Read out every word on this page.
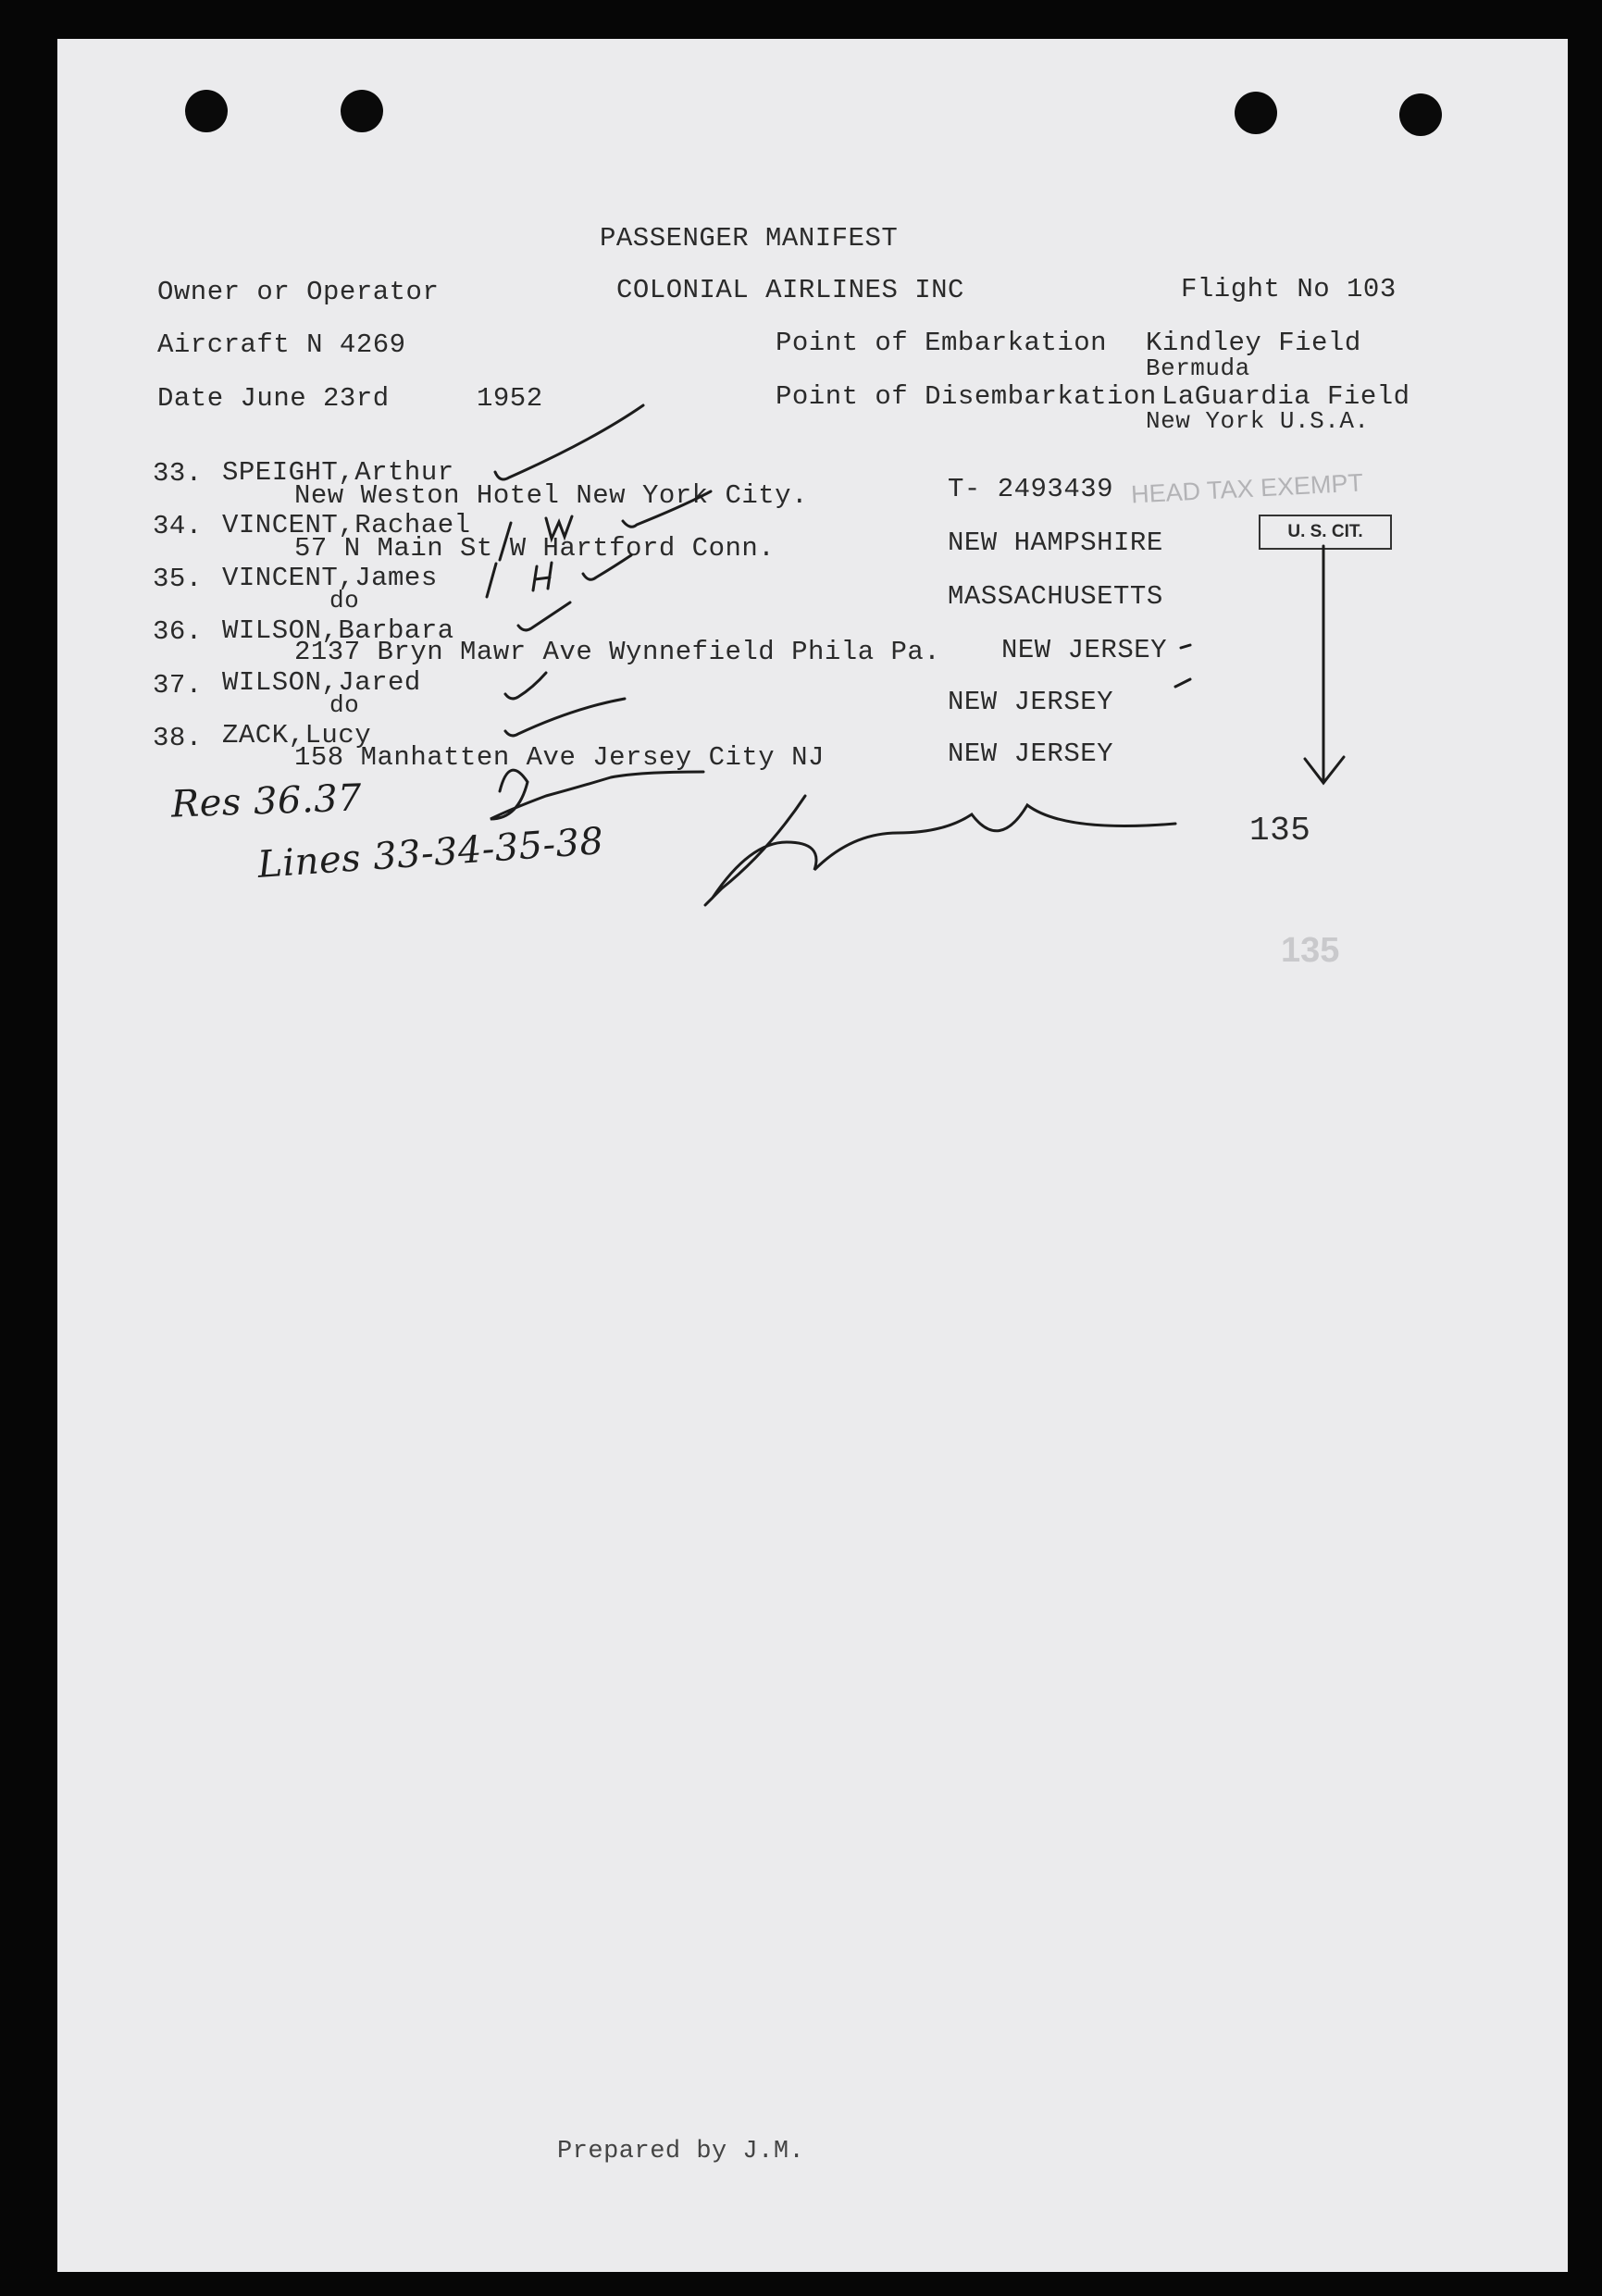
PASSENGER MANIFEST
Owner or Operator	COLONIAL AIRLINES INC	Flight No 103
Aircraft N 4269	Point of Embarkation Kindley Field
Bermuda
Date June 23rd	1952	Point of Disembarkation LaGuardia Field
New York U.S.A.
33. SPEIGHT,Arthur
New Weston Hotel New York City.	T- 2493439
34. VINCENT,Rachael
57 N Main St W Hartford Conn.	NEW HAMPSHIRE
35. VINCENT,James
do	MASSACHUSETTS
36. WILSON,Barbara
2137 Bryn Mawr Ave Wynnefield Phila Pa. NEW JERSEY
37. WILSON,Jared
do	NEW JERSEY
38. ZACK,Lucy
158 Manhatten Ave Jersey City NJ	NEW JERSEY
HEAD TAX EXEMPT
U. S. CIT.
135
135
Res 36.37
Lines 33-34-35-38
Prepared by J.M.
